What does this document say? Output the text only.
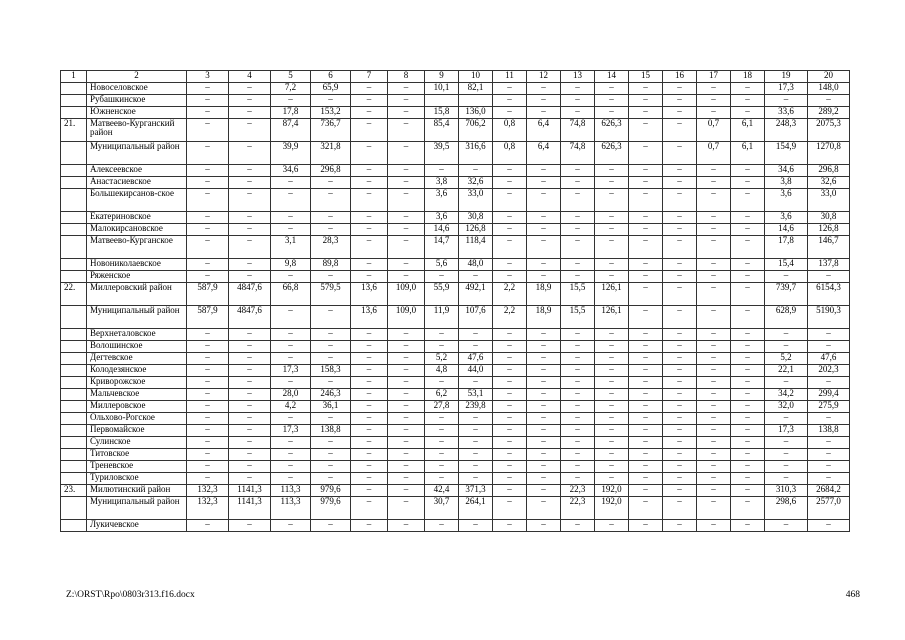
1	2	3	4	5	6	7	8	9	10	11	12	13	14	15	16	17	18	19	20
	Новоселовское	–	–	7,2	65,9	–	–	10,1	82,1	–	–	–	–	–	–	–	–	17,3	148,0
	Рубашкинское	–	–	–	–	–	–			–	–	–	–	–	–	–	–	–	–
	Южненское	–	–	17,8	153,2	–	–	15,8	136,0	–	–	–	–	–	–	–	–	33,6	289,2
21.	Матвеево-Курганский район	–	–	87,4	736,7	–	–	85,4	706,2	0,8	6,4	74,8	626,3	–	–	0,7	6,1	248,3	2075,3
	Муниципальный район	–	–	39,9	321,8	–	–	39,5	316,6	0,8	6,4	74,8	626,3	–	–	0,7	6,1	154,9	1270,8
	Алексеевское	–	–	34,6	296,8	–	–	–	–	–	–	–	–	–	–	–	–	34,6	296,8
	Анастасиевское	–	–	–	–	–	–	3,8	32,6	–	–	–	–	–	–	–	–	3,8	32,6
	Большекирсанов-ское	–	–	–	–	–	–	3,6	33,0	–	–	–	–	–	–	–	–	3,6	33,0
	Екатериновское	–	–	–	–	–	–	3,6	30,8	–	–	–	–	–	–	–	–	3,6	30,8
	Малокирсановское	–	–	–	–	–	–	14,6	126,8	–	–	–	–	–	–	–	–	14,6	126,8
	Матвеево-Курганское	–	–	3,1	28,3	–	–	14,7	118,4	–	–	–	–	–	–	–	–	17,8	146,7
	Новониколаевское	–	–	9,8	89,8	–	–	5,6	48,0	–	–	–	–	–	–	–	–	15,4	137,8
	Ряженское	–	–	–	–	–	–	–	–	–	–	–	–	–	–	–	–	–	–
22.	Миллеровский район	587,9	4847,6	66,8	579,5	13,6	109,0	55,9	492,1	2,2	18,9	15,5	126,1	–	–	–	–	739,7	6154,3
	Муниципальный район	587,9	4847,6	–	–	13,6	109,0	11,9	107,6	2,2	18,9	15,5	126,1	–	–	–	–	628,9	5190,3
	Верхнеталовское	–	–	–	–	–	–	–	–	–	–	–	–	–	–	–	–	–	–
	Волошинское	–	–	–	–	–	–	–	–	–	–	–	–	–	–	–	–	–	–
	Дегтевское	–	–	–	–	–	–	5,2	47,6	–	–	–	–	–	–	–	–	5,2	47,6
	Колодезянское	–	–	17,3	158,3	–	–	4,8	44,0	–	–	–	–	–	–	–	–	22,1	202,3
	Криворожское	–	–	–	–	–	–	–	–	–	–	–	–	–	–	–	–	–	–
	Мальчевское	–	–	28,0	246,3	–	–	6,2	53,1	–	–	–	–	–	–	–	–	34,2	299,4
	Миллеровское	–	–	4,2	36,1	–	–	27,8	239,8	–	–	–	–	–	–	–	–	32,0	275,9
	Ольхово-Рогское	–	–	–	–	–	–	–	–	–	–	–	–	–	–	–	–	–	–
	Первомайское	–	–	17,3	138,8	–	–	–	–	–	–	–	–	–	–	–	–	17,3	138,8
	Сулинское	–	–	–	–	–	–	–	–	–	–	–	–	–	–	–	–	–	–
	Титовское	–	–	–	–	–	–	–	–	–	–	–	–	–	–	–	–	–	–
	Треневское	–	–	–	–	–	–	–	–	–	–	–	–	–	–	–	–	–	–
	Туриловское	–	–	–	–	–	–	–	–	–	–	–	–	–	–	–	–	–	–
23.	Милютинский район	132,3	1141,3	113,3	979,6	–	–	42,4	371,3	–	–	22,3	192,0	–	–	–	–	310,3	2684,2
	Муниципальный район	132,3	1141,3	113,3	979,6	–	–	30,7	264,1	–	–	22,3	192,0	–	–	–	–	298,6	2577,0
	Лукичевское	–	–	–	–	–	–	–	–	–	–	–	–	–	–	–	–	–	–
Z:\ORST\Rpo\0803r313.f16.docx	468
